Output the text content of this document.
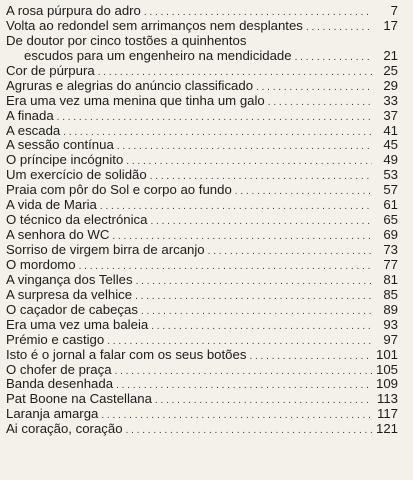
A rosa púrpura do adro . . .	7
Volta ao redondel sem arrimanços nem desplantes . . .	17
De doutor por cinco tostões a quinhentos
escudos para um engenheiro na mendicidade . . .	21
Cor de púrpura . . .	25
Agruras e alegrias do anúncio classificado . . .	29
Era uma vez uma menina que tinha um galo . . .	33
A finada . . .	37
A escada . . .	41
A sessão contínua . . .	45
O príncipe incógnito . . .	49
Um exercício de solidão . . .	53
Praia com pôr do Sol e corpo ao fundo . . .	57
A vida de Maria . . .	61
O técnico da electrónica . . .	65
A senhora do WC . . .	69
Sorriso de virgem birra de arcanjo . . .	73
O mordomo . . .	77
A vingança dos Telles . . .	81
A surpresa da velhice . . .	85
O caçador de cabeças . . .	89
Era uma vez uma baleia . . .	93
Prémio e castigo . . .	97
Isto é o jornal a falar com os seus botões . . .	101
O chofer de praça . . .	105
Banda desenhada . . .	109
Pat Boone na Castellana . . .	113
Laranja amarga . . .	117
Ai coração, coração . . .	121
